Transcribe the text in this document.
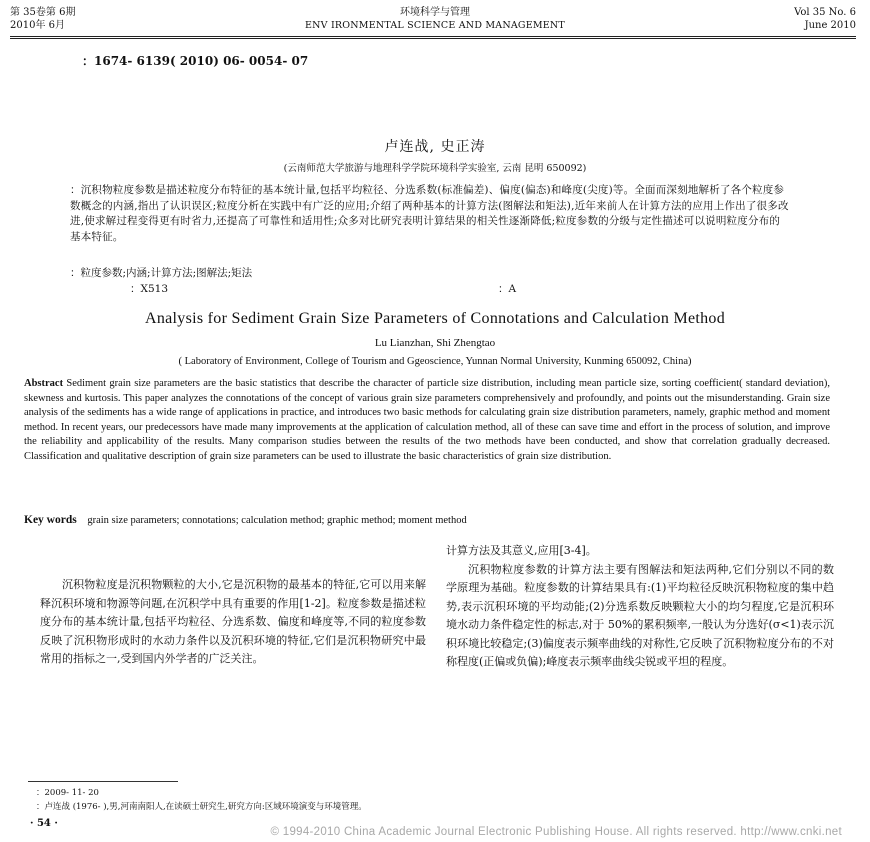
第 35卷第 6期
2010年 6月
环境科学与管理
ENV IRONMENTAL SCIENCE AND MANAGEMENT
Vol 35 No. 6
June 2010
：1674- 6139( 2010) 06- 0054- 07
卢连战, 史正涛
(云南师范大学旅游与地理科学学院环境科学实验室, 云南 昆明 650092)
：沉积物粒度参数是描述粒度分布特征的基本统计量,包括平均粒径、分选系数(标准偏差)、偏度(偏态)和峰度(尖度)等。全面而深刻地解析了各个粒度参数概念的内涵,指出了认识误区;粒度分析在实践中有广泛的应用;介绍了两种基本的计算方法(图解法和矩法),近年来前人在计算方法的应用上作出了很多改进,使求解过程变得更有时省力,还提高了可靠性和适用性;众多对比研究表明计算结果的相关性逐渐降低;粒度参数的分级与定性描述可以说明粒度分布的基本特征。
：粒度参数;内涵;计算方法;图解法;矩法
：X513	：A
Analysis for Sediment Grain Size Parameters of Connotations and Calculation Method
Lu Lianzhan, Shi Zhengtao
( Laboratory of Environment, College of Tourism and Ggeoscience, Yunnan Normal University, Kunming 650092, China)
Abstract Sediment grain size parameters are the basic statistics that describe the character of particle size distribution, including mean particle size, sorting coefficient( standard deviation), skewness and kurtosis. This paper analyzes the connotations of the concept of various grain size parameters comprehensively and profoundly, and points out the misunderstanding. Grain size analysis of the sediments has a wide range of applications in practice, and introduces two basic methods for calculating grain size distribution parameters, namely, graphic method and moment method. In recent years, our predecessors have made many improvements at the application of calculation method, all of these can save time and effort in the process of solution, and improve the reliability and applicability of the results. Many comparison studies between the results of the two methods have been conducted, and show that correlation gradually decreased. Classification and qualitative description of grain size parameters can be used to illustrate the basic characteristics of grain size distribution.
Key words grain size parameters; connotations; calculation method; graphic method; moment method

沉积物粒度是沉积物颗粒的大小,它是沉积物的最基本的特征,它可以用来解释沉积环境和物源等问题,在沉积学中具有重要的作用[1-2]。粒度参数是描述粒度分布的基本统计量,包括平均粒径、分选系数、偏度和峰度等,不同的粒度参数反映了沉积物形成时的水动力条件以及沉积环境的特征,它们是沉积物研究中最常用的指标之一,受到国内外学者的广泛关注。

：2009- 11- 20
：卢连战 (1976- ),男,河南南阳人,在读硕士研究生,研究方向:区域环境演变与环境管理。

计算方法及其意义,应用[3-4]。

沉积物粒度参数的计算方法主要有图解法和矩法两种,它们分别以不同的数学原理为基础。粒度参数的计算结果具有:(1)平均粒径反映沉积物粒度的集中趋势,表示沉积环境的平均动能;(2)分选系数反映颗粒大小的均匀程度,它是沉积环境水动力条件稳定性的标志,对于 50%的累积频率,一般认为分选好(σ<1)表示沉积环境比较稳定;(3)偏度表示频率曲线的对称性,它反映了沉积物粒度分布的不对称程度(正偏或负偏);峰度表示频率曲线尖锐或平坦的程度。

· 54 ·
© 1994-2010 China Academic Journal Electronic Publishing House. All rights reserved. http://www.cnki.net
